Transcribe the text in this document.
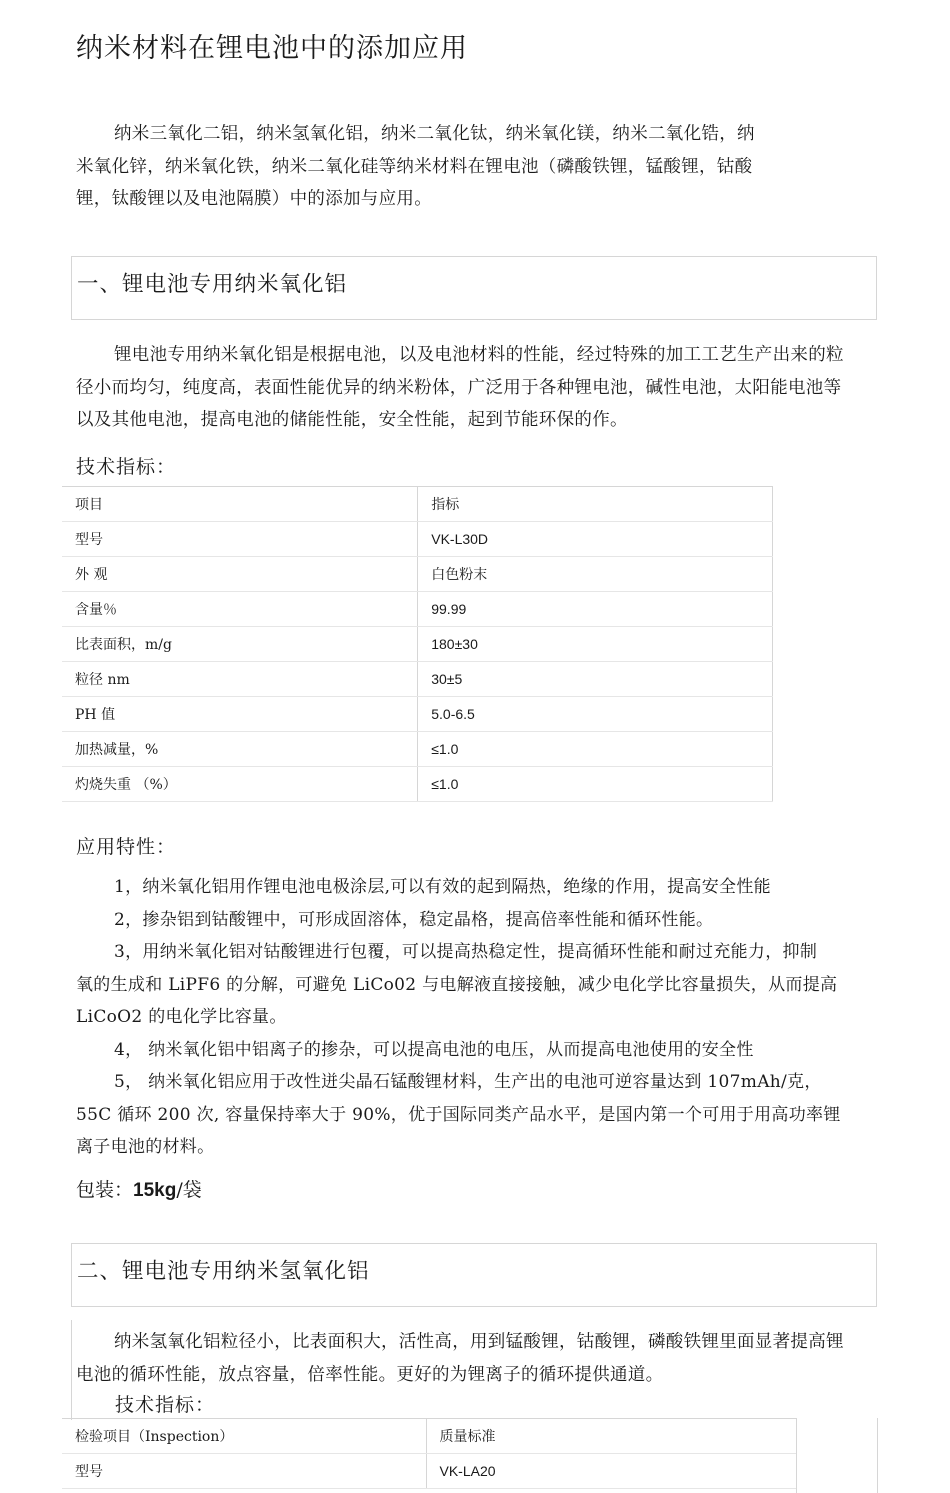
纳米材料在锂电池中的添加应用
纳米三氧化二铝，纳米氢氧化铝，纳米二氧化钛，纳米氧化镁，纳米二氧化锆，纳
米氧化锌，纳米氧化铁，纳米二氧化硅等纳米材料在锂电池（磷酸铁锂，锰酸锂，钴酸
锂，钛酸锂以及电池隔膜）中的添加与应用。
一、锂电池专用纳米氧化铝
锂电池专用纳米氧化铝是根据电池，以及电池材料的性能，经过特殊的加工工艺生产出来的粒
径小而均匀，纯度高，表面性能优异的纳米粉体，广泛用于各种锂电池，碱性电池，太阳能电池等
以及其他电池，提高电池的储能性能，安全性能，起到节能环保的作。
技术指标：
项目	指标
型号	VK-L30D
外 观	白色粉末
含量％	99.99
比表面积，m/g	180±30
粒径 nm	30±5
PH 值	5.0-6.5
加热减量，%	≤1.0
灼烧失重 （%）	≤1.0
应用特性：
1，纳米氧化铝用作锂电池电极涂层,可以有效的起到隔热，绝缘的作用，提高安全性能
2，掺杂铝到钴酸锂中，可形成固溶体，稳定晶格，提高倍率性能和循环性能。
3，用纳米氧化铝对钴酸锂进行包覆，可以提高热稳定性，提高循环性能和耐过充能力，抑制
氧的生成和 LiPF6 的分解，可避免 LiCo02 与电解液直接接触，减少电化学比容量损失，从而提高
LiCoO2 的电化学比容量。
4， 纳米氧化铝中铝离子的掺杂，可以提高电池的电压，从而提高电池使用的安全性
5， 纳米氧化铝应用于改性迸尖晶石锰酸锂材料，生产出的电池可逆容量达到 107mAh/克，
55C 循环 200 次, 容量保持率大于 90%，优于国际同类产品水平，是国内第一个可用于用高功率锂
离子电池的材料。
包装：15kg/袋
二、锂电池专用纳米氢氧化铝
纳米氢氧化铝粒径小，比表面积大，活性高，用到锰酸锂，钴酸锂，磷酸铁锂里面显著提高锂
电池的循环性能，放点容量，倍率性能。更好的为锂离子的循环提供通道。
技术指标：
检验项目（Inspection）	质量标准
型号	VK-LA20
